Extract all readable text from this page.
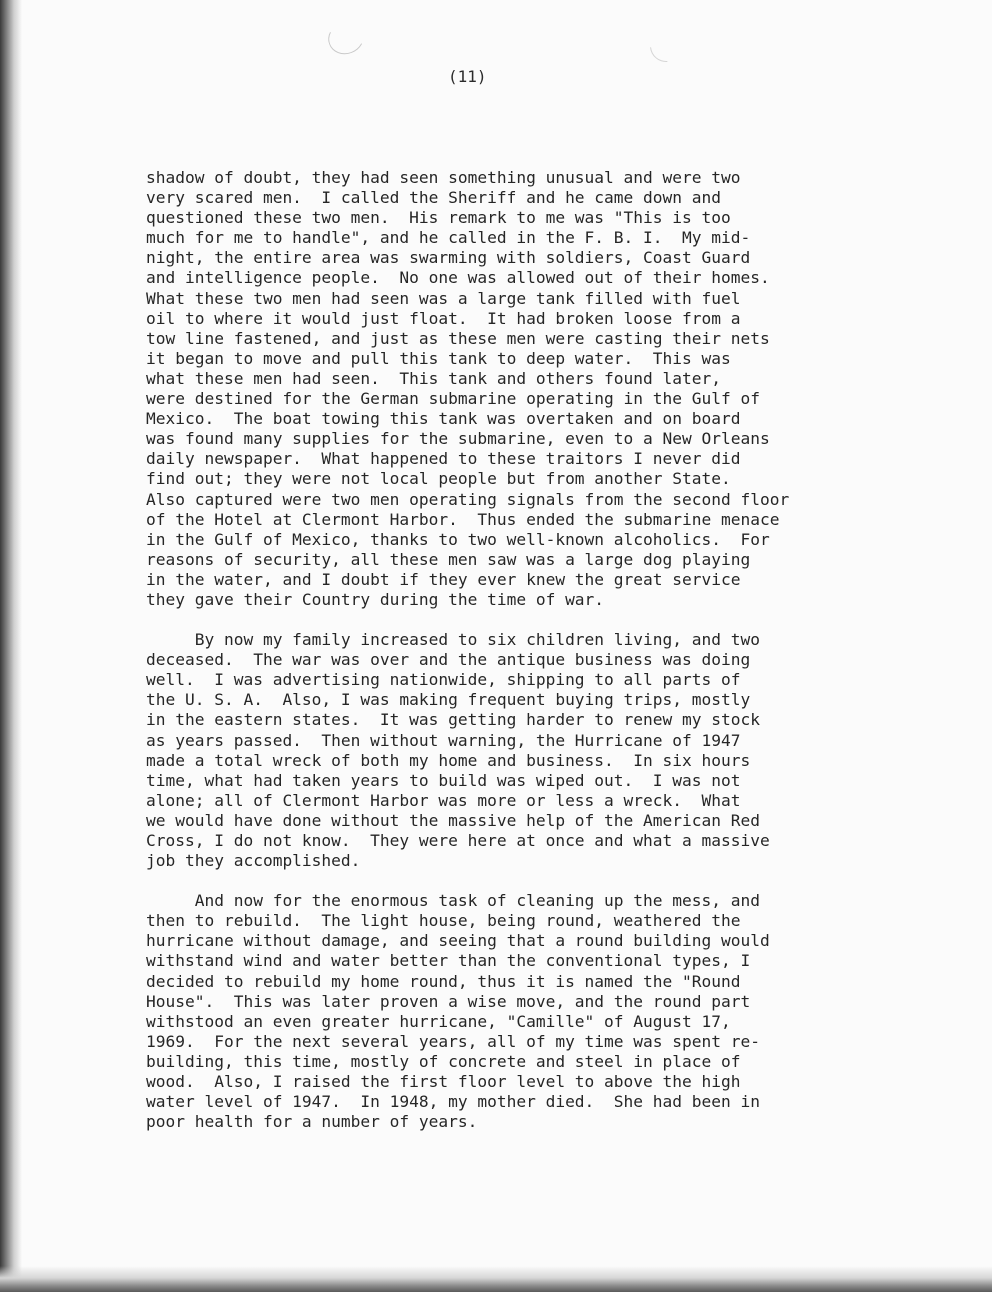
(11)
shadow of doubt, they had seen something unusual and were two
very scared men.  I called the Sheriff and he came down and
questioned these two men.  His remark to me was "This is too
much for me to handle", and he called in the F. B. I.  My mid-
night, the entire area was swarming with soldiers, Coast Guard
and intelligence people.  No one was allowed out of their homes.
What these two men had seen was a large tank filled with fuel
oil to where it would just float.  It had broken loose from a
tow line fastened, and just as these men were casting their nets
it began to move and pull this tank to deep water.  This was
what these men had seen.  This tank and others found later,
were destined for the German submarine operating in the Gulf of
Mexico.  The boat towing this tank was overtaken and on board
was found many supplies for the submarine, even to a New Orleans
daily newspaper.  What happened to these traitors I never did
find out; they were not local people but from another State.
Also captured were two men operating signals from the second floor
of the Hotel at Clermont Harbor.  Thus ended the submarine menace
in the Gulf of Mexico, thanks to two well-known alcoholics.  For
reasons of security, all these men saw was a large dog playing
in the water, and I doubt if they ever knew the great service
they gave their Country during the time of war.
By now my family increased to six children living, and two
deceased.  The war was over and the antique business was doing
well.  I was advertising nationwide, shipping to all parts of
the U. S. A.  Also, I was making frequent buying trips, mostly
in the eastern states.  It was getting harder to renew my stock
as years passed.  Then without warning, the Hurricane of 1947
made a total wreck of both my home and business.  In six hours
time, what had taken years to build was wiped out.  I was not
alone; all of Clermont Harbor was more or less a wreck.  What
we would have done without the massive help of the American Red
Cross, I do not know.  They were here at once and what a massive
job they accomplished.
And now for the enormous task of cleaning up the mess, and
then to rebuild.  The light house, being round, weathered the
hurricane without damage, and seeing that a round building would
withstand wind and water better than the conventional types, I
decided to rebuild my home round, thus it is named the "Round
House".  This was later proven a wise move, and the round part
withstood an even greater hurricane, "Camille" of August 17,
1969.  For the next several years, all of my time was spent re-
building, this time, mostly of concrete and steel in place of
wood.  Also, I raised the first floor level to above the high
water level of 1947.  In 1948, my mother died.  She had been in
poor health for a number of years.
